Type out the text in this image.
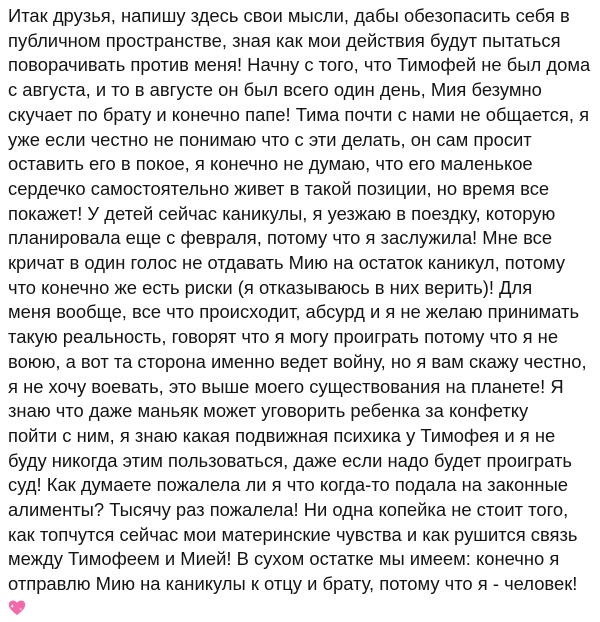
Итак друзья, напишу здесь свои мысли, дабы обезопасить себя в
публичном пространстве, зная как мои действия будут пытаться
поворачивать против меня! Начну с того, что Тимофей не был дома
с августа, и то в августе он был всего один день, Мия безумно
скучает по брату и конечно папе! Тима почти с нами не общается, я
уже если честно не понимаю что с эти делать, он сам просит
оставить его в покое, я конечно не думаю, что его маленькое
сердечко самостоятельно живет в такой позиции, но время все
покажет! У детей сейчас каникулы, я уезжаю в поездку, которую
планировала еще с февраля, потому что я заслужила! Мне все
кричат в один голос не отдавать Мию на остаток каникул, потому
что конечно же есть риски (я отказываюсь в них верить)! Для
меня вообще, все что происходит, абсурд и я не желаю принимать
такую реальность, говорят что я могу проиграть потому что я не
воюю, а вот та сторона именно ведет войну, но я вам скажу честно,
я не хочу воевать, это выше моего существования на планете! Я
знаю что даже маньяк может уговорить ребенка за конфетку
пойти с ним, я знаю какая подвижная психика у Тимофея и я не
буду никогда этим пользоваться, даже если надо будет проиграть
суд! Как думаете пожалела ли я что когда-то подала на законные
алименты? Тысячу раз пожалела! Ни одна копейка не стоит того,
как топчутся сейчас мои материнские чувства и как рушится связь
между Тимофеем и Мией! В сухом остатке мы имеем: конечно я
отправлю Мию на каникулы к отцу и брату, потому что я - человек!
